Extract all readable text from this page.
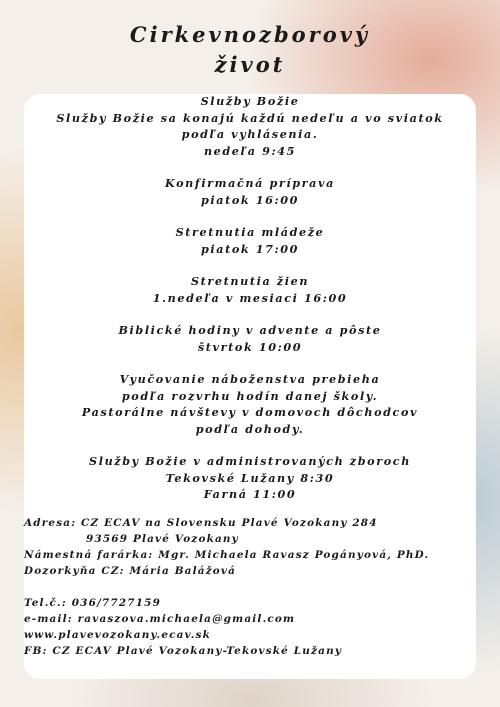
Cirkevnozborový
život
Služby Božie
Služby Božie sa konajú každú nedeľu a vo sviatok
podľa vyhlásenia.
nedeľa 9:45
Konfirmačná príprava
piatok 16:00
Stretnutia mládeže
piatok 17:00
Stretnutia žien
1.nedeľa v mesiaci 16:00
Biblické hodiny v advente a pôste
štvrtok 10:00
Vyučovanie náboženstva prebieha
podľa rozvrhu hodín danej školy.
Pastorálne návštevy v domovoch dôchodcov
podľa dohody.
Služby Božie v administrovaných zboroch
Tekovské Lužany 8:30
Farná 11:00
Adresa: CZ ECAV na Slovensku Plavé Vozokany 284
93569 Plavé Vozokany
Námestná farárka: Mgr. Michaela Ravasz Pogányová, PhD.
Dozorkyňa CZ: Mária Balážová
Tel.č.: 036/7727159
e-mail: ravaszova.michaela@gmail.com
www.plavevozokany.ecav.sk
FB: CZ ECAV Plavé Vozokany-Tekovské Lužany
